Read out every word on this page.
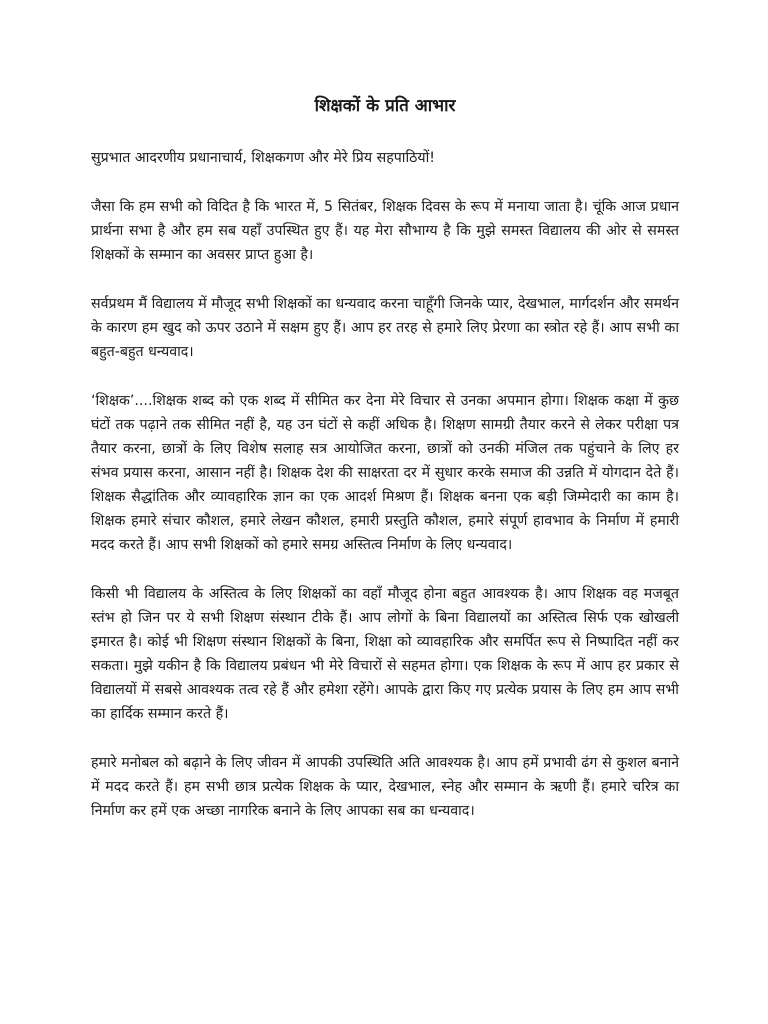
शिक्षकों के प्रति आभार

सुप्रभात आदरणीय प्रधानाचार्य, शिक्षकगण और मेरे प्रिय सहपाठियों!

जैसा कि हम सभी को विदित है कि भारत में, 5 सितंबर, शिक्षक दिवस के रूप में मनाया जाता है। चूंकि आज प्रधान प्रार्थना सभा है और हम सब यहाँ उपस्थित हुए हैं। यह मेरा सौभाग्य है कि मुझे समस्त विद्यालय की ओर से समस्त शिक्षकों के सम्मान का अवसर प्राप्त हुआ है।

सर्वप्रथम मैं विद्यालय में मौजूद सभी शिक्षकों का धन्यवाद करना चाहूँगी जिनके प्यार, देखभाल, मार्गदर्शन और समर्थन के कारण हम खुद को ऊपर उठाने में सक्षम हुए हैं। आप हर तरह से हमारे लिए प्रेरणा का स्त्रोत रहे हैं। आप सभी का बहुत-बहुत धन्यवाद।

‘शिक्षक’....शिक्षक शब्द को एक शब्द में सीमित कर देना मेरे विचार से उनका अपमान होगा। शिक्षक कक्षा में कुछ घंटों तक पढ़ाने तक सीमित नहीं है, यह उन घंटों से कहीं अधिक है। शिक्षण सामग्री तैयार करने से लेकर परीक्षा पत्र तैयार करना, छात्रों के लिए विशेष सलाह सत्र आयोजित करना, छात्रों को उनकी मंजिल तक पहुंचाने के लिए हर संभव प्रयास करना, आसान नहीं है। शिक्षक देश की साक्षरता दर में सुधार करके समाज की उन्नति में योगदान देते हैं। शिक्षक सैद्धांतिक और व्यावहारिक ज्ञान का एक आदर्श मिश्रण हैं। शिक्षक बनना एक बड़ी जिम्मेदारी का काम है। शिक्षक हमारे संचार कौशल, हमारे लेखन कौशल, हमारी प्रस्तुति कौशल, हमारे संपूर्ण हावभाव के निर्माण में हमारी मदद करते हैं। आप सभी शिक्षकों को हमारे समग्र अस्तित्व निर्माण के लिए धन्यवाद।

किसी भी विद्यालय के अस्तित्व के लिए शिक्षकों का वहाँ मौजूद होना बहुत आवश्यक है। आप शिक्षक वह मजबूत स्तंभ हो जिन पर ये सभी शिक्षण संस्थान टीके हैं। आप लोगों के बिना विद्यालयों का अस्तित्व सिर्फ एक खोखली इमारत है। कोई भी शिक्षण संस्थान शिक्षकों के बिना, शिक्षा को व्यावहारिक और समर्पित रूप से निष्पादित नहीं कर सकता। मुझे यकीन है कि विद्यालय प्रबंधन भी मेरे विचारों से सहमत होगा। एक शिक्षक के रूप में आप हर प्रकार से विद्यालयों में सबसे आवश्यक तत्व रहे हैं और हमेशा रहेंगे। आपके द्वारा किए गए प्रत्येक प्रयास के लिए हम आप सभी का हार्दिक सम्मान करते हैं।

हमारे मनोबल को बढ़ाने के लिए जीवन में आपकी उपस्थिति अति आवश्यक है। आप हमें प्रभावी ढंग से कुशल बनाने में मदद करते हैं। हम सभी छात्र प्रत्येक शिक्षक के प्यार, देखभाल, स्नेह और सम्मान के ऋणी हैं। हमारे चरित्र का निर्माण कर हमें एक अच्छा नागरिक बनाने के लिए आपका सब का धन्यवाद।
